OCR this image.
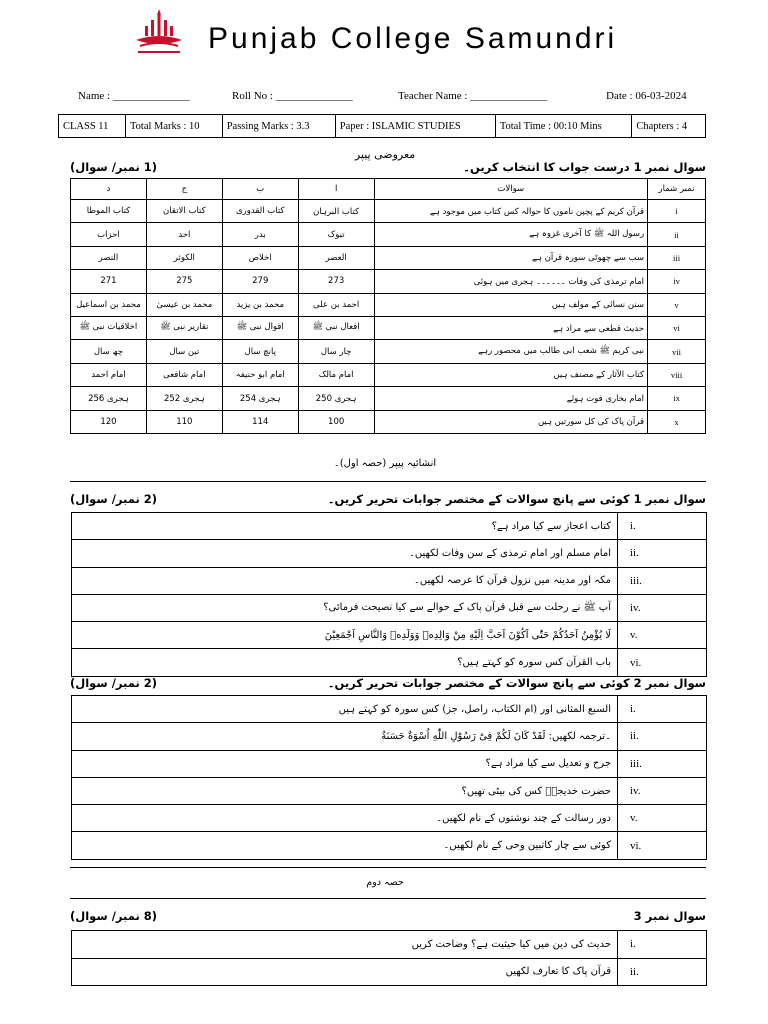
Punjab College Samundri
Name : ______________	Roll No : ______________	Teacher Name : ______________	Date : 06-03-2024
CLASS 11	Total Marks : 10	Passing Marks : 3.3	Paper : ISLAMIC STUDIES	Total Time : 00:10 Mins	Chapters : 4
معروضی پیپر
سوال نمبر 1 درست جواب کا انتخاب کریں۔
(1 نمبر/ سوال)
د	ج	ب	ا	سوالات	نمبر شمار
کتاب الموطا	کتاب الاتقان	کتاب القدوری	کتاب البرہان	قرآن کریم کے پچپن ناموں کا حوالہ کس کتاب میں موجود ہے	i
احزاب	احد	بدر	تبوک	رسول اللہ ﷺ کا آخری غزوہ ہے	ii
النصر	الکوثر	اخلاص	العصر	سب سے چھوٹی سورہ قرآن ہے	iii
271	275	279	273	امام ترمذی کی وفات ۔۔۔۔۔۔ ہجری میں ہوئی	iv
محمد بن اسماعیل	محمد بن عیسیٰ	محمد بن یزید	احمد بن علی	سنن نسائی کے مولف ہیں	v
اخلاقیات نبی ﷺ	تقاریر نبی ﷺ	اقوال نبی ﷺ	افعال نبی ﷺ	حدیث قطعی سے مراد ہے	vi
چھ سال	تین سال	پانچ سال	چار سال	نبی کریم ﷺ شعب ابی طالب میں محصور رہے	vii
امام احمد	امام شافعی	امام ابو حنیفہ	امام مالک	کتاب الآثار کے مصنف ہیں	viii
ہجری 256	ہجری 252	ہجری 254	ہجری 250	امام بخاری فوت ہوئے	ix
120	110	114	100	قرآن پاک کی کل سورتیں ہیں	x
انشائیہ پیپر (حصہ اول)۔
سوال نمبر 1 کوئی سے پانچ سوالات کے مختصر جوابات تحریر کریں۔
(2 نمبر/ سوال)
کتاب اعجاز سے کیا مراد ہے؟	i.
امام مسلم اور امام ترمذی کے سن وفات لکھیں۔	ii.
مکہ اور مدینہ میں نزول قرآن کا عرصہ لکھیں۔	iii.
آپ ﷺ نے رحلت سے قبل قرآن پاک کے حوالے سے کیا نصیحت فرمائی؟	iv.
لَا یُؤْمِنُ اَحَدُکُمْ حَتّٰی اَکُوْنَ اَحَبَّ اِلَیْهِ مِنْ وَالِدِهٖ وَوَلَدِهٖ وَالنَّاسِ اَجْمَعِیْنَ	v.
باب القرآن کس سورہ کو کہتے ہیں؟	vi.
سوال نمبر 2 کوئی سے پانچ سوالات کے مختصر جوابات تحریر کریں۔
(2 نمبر/ سوال)
السبع المثانی اور (ام الکتاب، راصل، جز) کس سورہ کو کہتے ہیں	i.
۔ترجمہ لکھیں: لَقَدْ کَانَ لَکُمْ فِیْ رَسُوْلِ اللّٰهِ اُسْوَةٌ حَسَنَةٌ	ii.
جرح و تعدیل سے کیا مراد ہے؟	iii.
حضرت خدیجہؓ کس کی بیٹی تھیں؟	iv.
دور رسالت کے چند نوشتوں کے نام لکھیں۔	v.
کوئی سے چار کاتبین وحی کے نام لکھیں۔	vi.
حصہ دوم
سوال نمبر 3
(8 نمبر/ سوال)
حدیث کی دین میں کیا حیثیت ہے؟ وضاحت کریں	i.
قرآن پاک کا تعارف لکھیں	ii.
